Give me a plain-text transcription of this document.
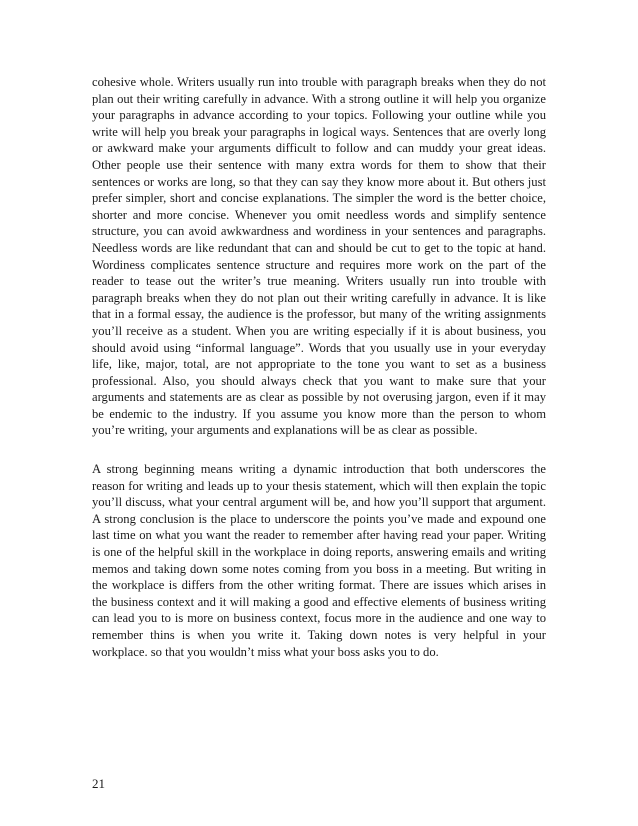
cohesive whole. Writers usually run into trouble with paragraph breaks when they do not plan out their writing carefully in advance. With a strong outline it will help you organize your paragraphs in advance according to your topics. Following your outline while you write will help you break your paragraphs in logical ways. Sentences that are overly long or awkward make your arguments difficult to follow and can muddy your great ideas. Other people use their sentence with many extra words for them to show that their sentences or works are long, so that they can say they know more about it. But others just prefer simpler, short and concise explanations. The simpler the word is the better choice, shorter and more concise. Whenever you omit needless words and simplify sentence structure, you can avoid awkwardness and wordiness in your sentences and paragraphs. Needless words are like redundant that can and should be cut to get to the topic at hand. Wordiness complicates sentence structure and requires more work on the part of the reader to tease out the writer’s true meaning. Writers usually run into trouble with paragraph breaks when they do not plan out their writing carefully in advance. It is like that in a formal essay, the audience is the professor, but many of the writing assignments you’ll receive as a student. When you are writing especially if it is about business, you should avoid using “informal language”. Words that you usually use in your everyday life, like, major, total, are not appropriate to the tone you want to set as a business professional. Also, you should always check that you want to make sure that your arguments and statements are as clear as possible by not overusing jargon, even if it may be endemic to the industry. If you assume you know more than the person to whom you’re writing, your arguments and explanations will be as clear as possible.

A strong beginning means writing a dynamic introduction that both underscores the reason for writing and leads up to your thesis statement, which will then explain the topic you’ll discuss, what your central argument will be, and how you’ll support that argument. A strong conclusion is the place to underscore the points you’ve made and expound one last time on what you want the reader to remember after having read your paper. Writing is one of the helpful skill in the workplace in doing reports, answering emails and writing memos and taking down some notes coming from you boss in a meeting. But writing in the workplace is differs from the other writing format. There are issues which arises in the business context and it will making a good and effective elements of business writing can lead you to is more on business context, focus more in the audience and one way to remember thins is when you write it. Taking down notes is very helpful in your workplace. so that you wouldn’t miss what your boss asks you to do.

21
